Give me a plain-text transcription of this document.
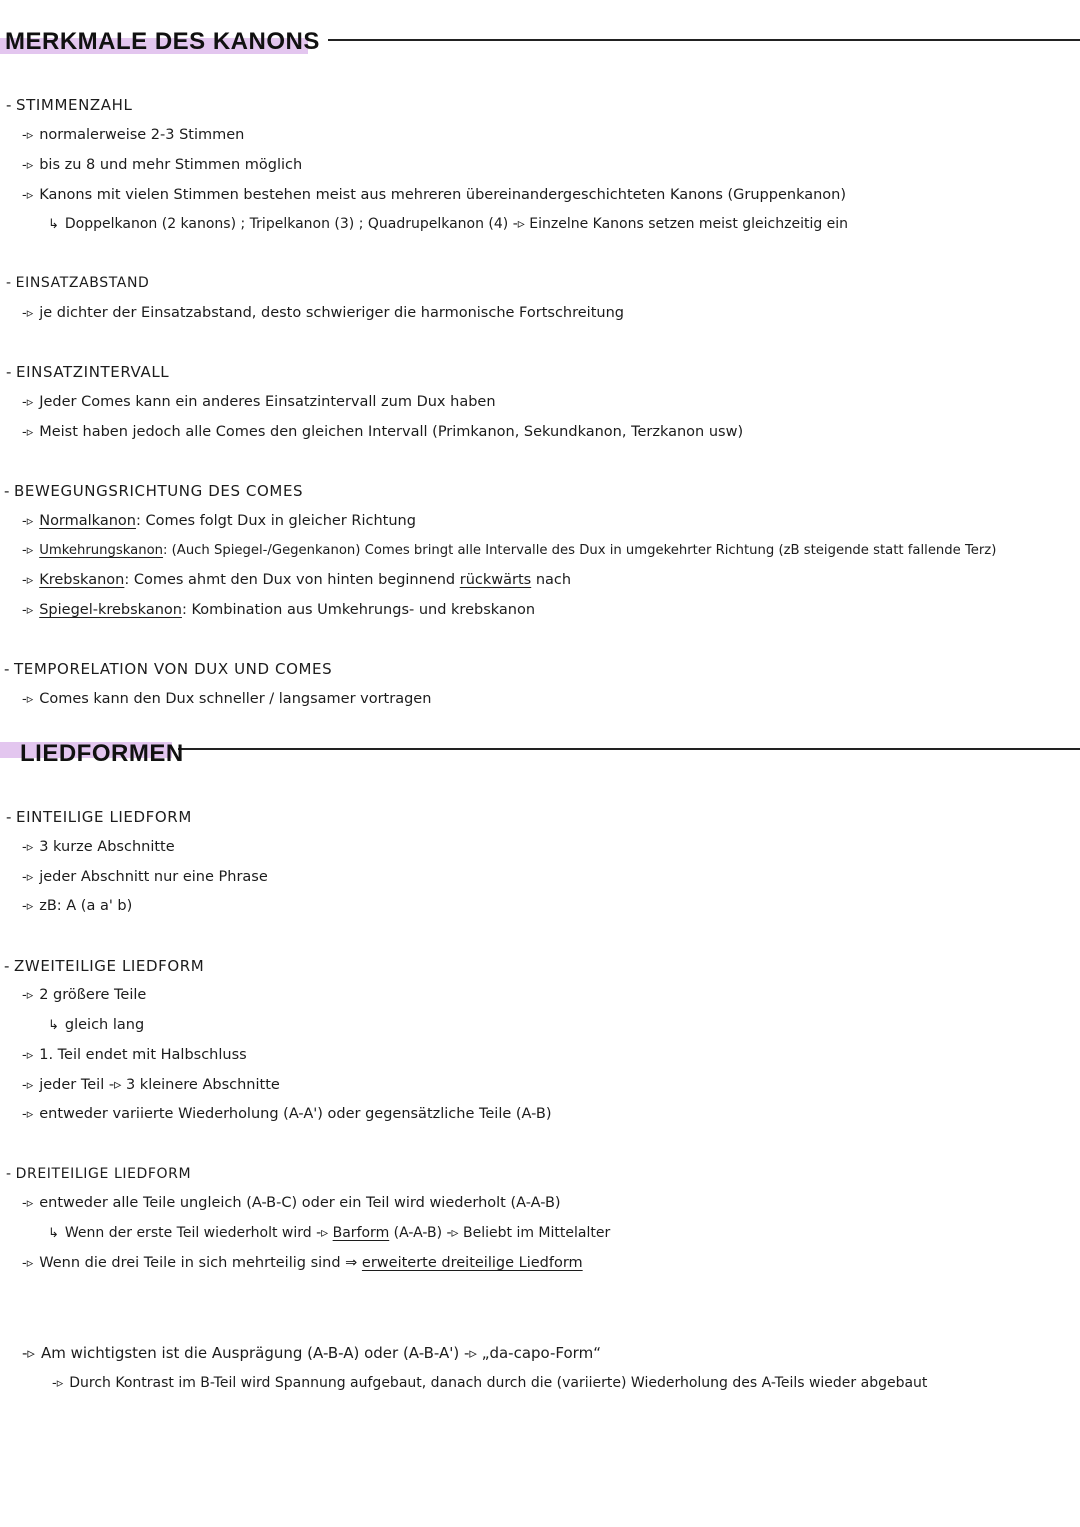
MERKMALE DES KANONS
- STIMMENZAHL
-▹ normalerweise 2-3 Stimmen
-▹ bis zu 8 und mehr Stimmen möglich
-▹ Kanons mit vielen Stimmen bestehen meist aus mehreren übereinandergeschichteten Kanons (Gruppenkanon)
↳ Doppelkanon (2 kanons) ; Tripelkanon (3) ; Quadrupelkanon (4) -▹ Einzelne Kanons setzen meist gleichzeitig ein
- EINSATZABSTAND
-▹ je dichter der Einsatzabstand, desto schwieriger die harmonische Fortschreitung
- EINSATZINTERVALL
-▹ Jeder Comes kann ein anderes Einsatzintervall zum Dux haben
-▹ Meist haben jedoch alle Comes den gleichen Intervall (Primkanon, Sekundkanon, Terzkanon usw)
- BEWEGUNGSRICHTUNG DES COMES
-▹ Normalkanon: Comes folgt Dux in gleicher Richtung
-▹ Umkehrungskanon: (Auch Spiegel-/Gegenkanon) Comes bringt alle Intervalle des Dux in umgekehrter Richtung (zB steigende statt fallende Terz)
-▹ Krebskanon: Comes ahmt den Dux von hinten beginnend rückwärts nach
-▹ Spiegel-krebskanon: Kombination aus Umkehrungs- und krebskanon
- TEMPORELATION VON DUX UND COMES
-▹ Comes kann den Dux schneller / langsamer vortragen
LIEDFORMEN
- EINTEILIGE LIEDFORM
-▹ 3 kurze Abschnitte
-▹ jeder Abschnitt nur eine Phrase
-▹ zB: A (a a' b)
- ZWEITEILIGE LIEDFORM
-▹ 2 größere Teile
↳ gleich lang
-▹ 1. Teil endet mit Halbschluss
-▹ jeder Teil -▹ 3 kleinere Abschnitte
-▹ entweder variierte Wiederholung (A-A') oder gegensätzliche Teile (A-B)
- DREITEILIGE LIEDFORM
-▹ entweder alle Teile ungleich (A-B-C) oder ein Teil wird wiederholt (A-A-B)
↳ Wenn der erste Teil wiederholt wird -▹ Barform (A-A-B) -▹ Beliebt im Mittelalter
-▹ Wenn die drei Teile in sich mehrteilig sind ⇒ erweiterte dreiteilige Liedform
-▹ Am wichtigsten ist die Ausprägung (A-B-A) oder (A-B-A') -▹ „da-capo-Form“
-▹ Durch Kontrast im B-Teil wird Spannung aufgebaut, danach durch die (variierte) Wiederholung des A-Teils wieder abgebaut
